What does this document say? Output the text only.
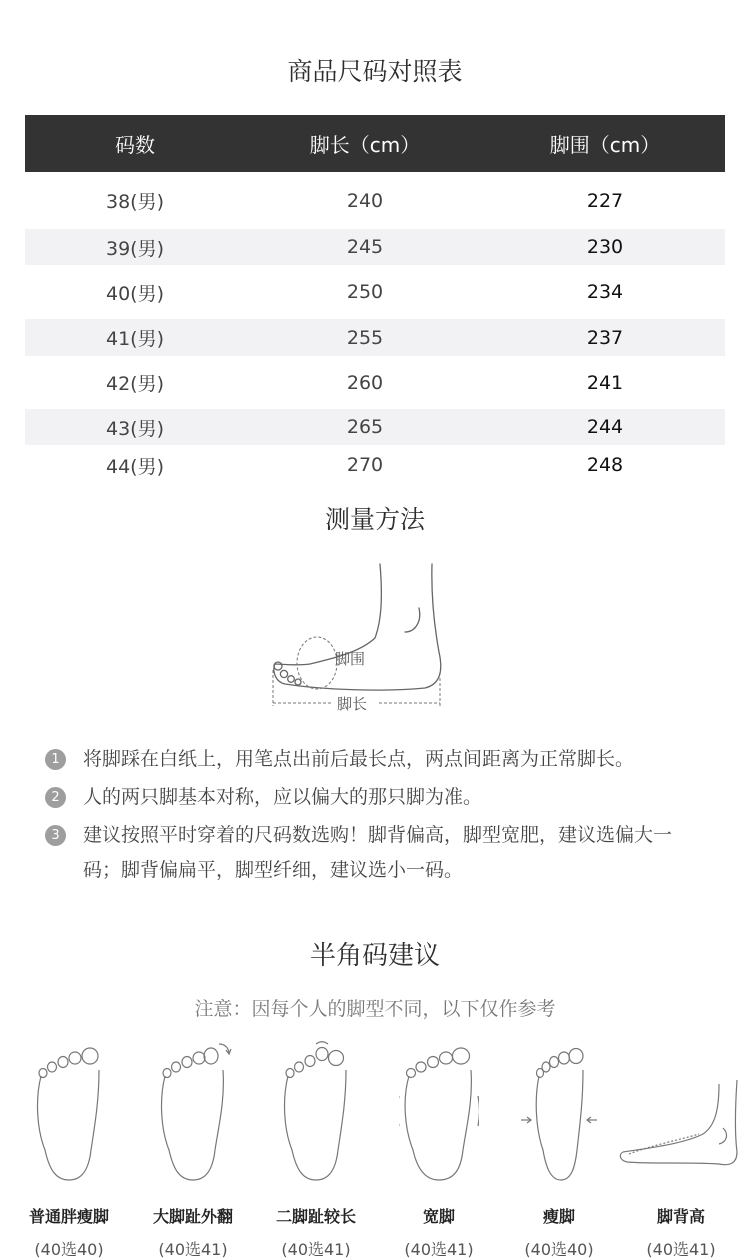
商品尺码对照表
码数	脚长（cm）	脚围（cm）
38(男)	240	227
39(男)	245	230
40(男)	250	234
41(男)	255	237
42(男)	260	241
43(男)	265	244
44(男)	270	248
测量方法
脚围
脚长
1	将脚踩在白纸上，用笔点出前后最长点，两点间距离为正常脚长。
2	人的两只脚基本对称，应以偏大的那只脚为准。
3	建议按照平时穿着的尺码数选购！脚背偏高，脚型宽肥，建议选偏大一码；脚背偏扁平，脚型纤细，建议选小一码。
半角码建议
注意：因每个人的脚型不同，以下仅作参考
普通胖瘦脚
(40选40)
大脚趾外翻
(40选41)
二脚趾较长
(40选41)
宽脚
(40选41)
瘦脚
(40选40)
脚背高
(40选41)
